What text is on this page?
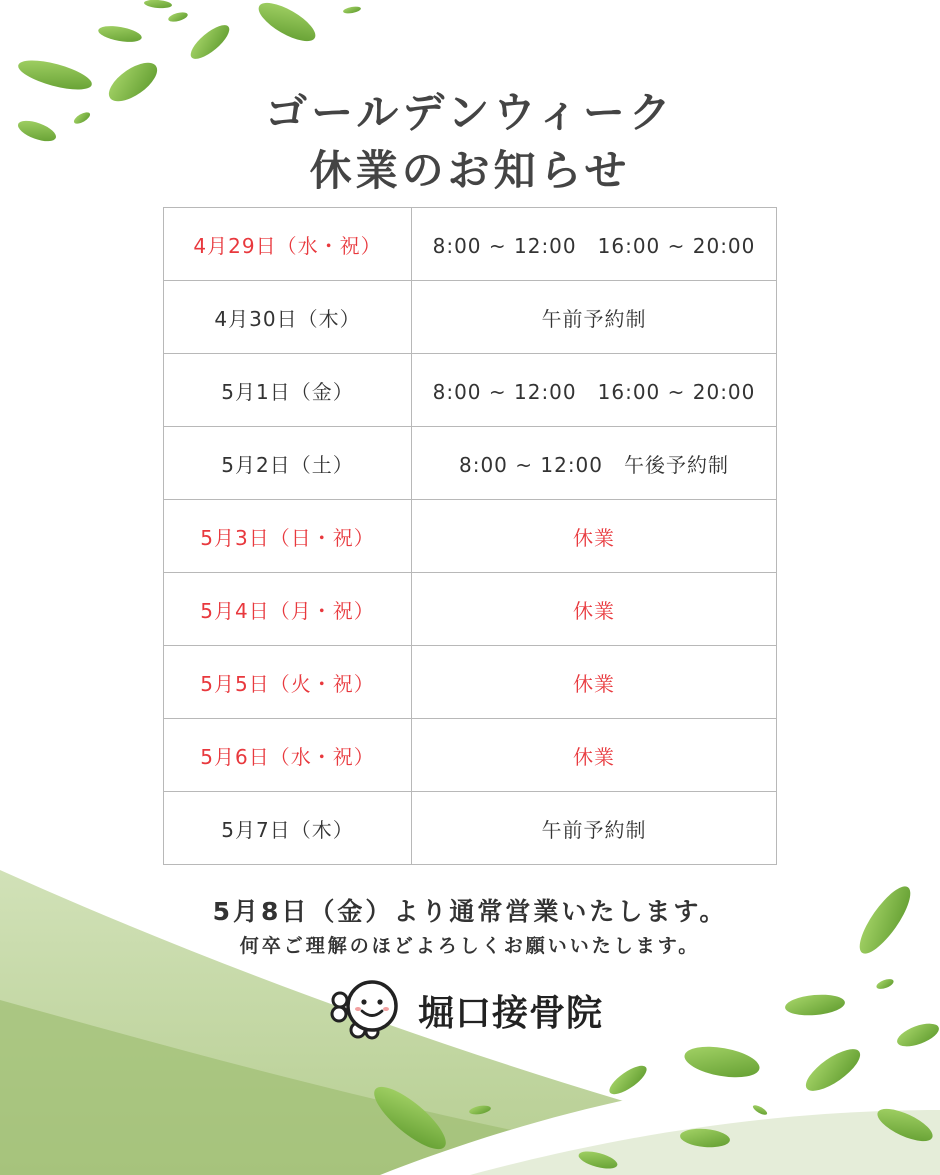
ゴールデンウィーク
休業のお知らせ
4月29日（水・祝）	8:00 ~ 12:00　16:00 ~ 20:00
4月30日（木）	午前予約制
5月1日（金）	8:00 ~ 12:00　16:00 ~ 20:00
5月2日（土）	8:00 ~ 12:00　午後予約制
5月3日（日・祝）	休業
5月4日（月・祝）	休業
5月5日（火・祝）	休業
5月6日（水・祝）	休業
5月7日（木）	午前予約制
5月8日（金）より通常営業いたします。
何卒ご理解のほどよろしくお願いいたします。
堀口接骨院
